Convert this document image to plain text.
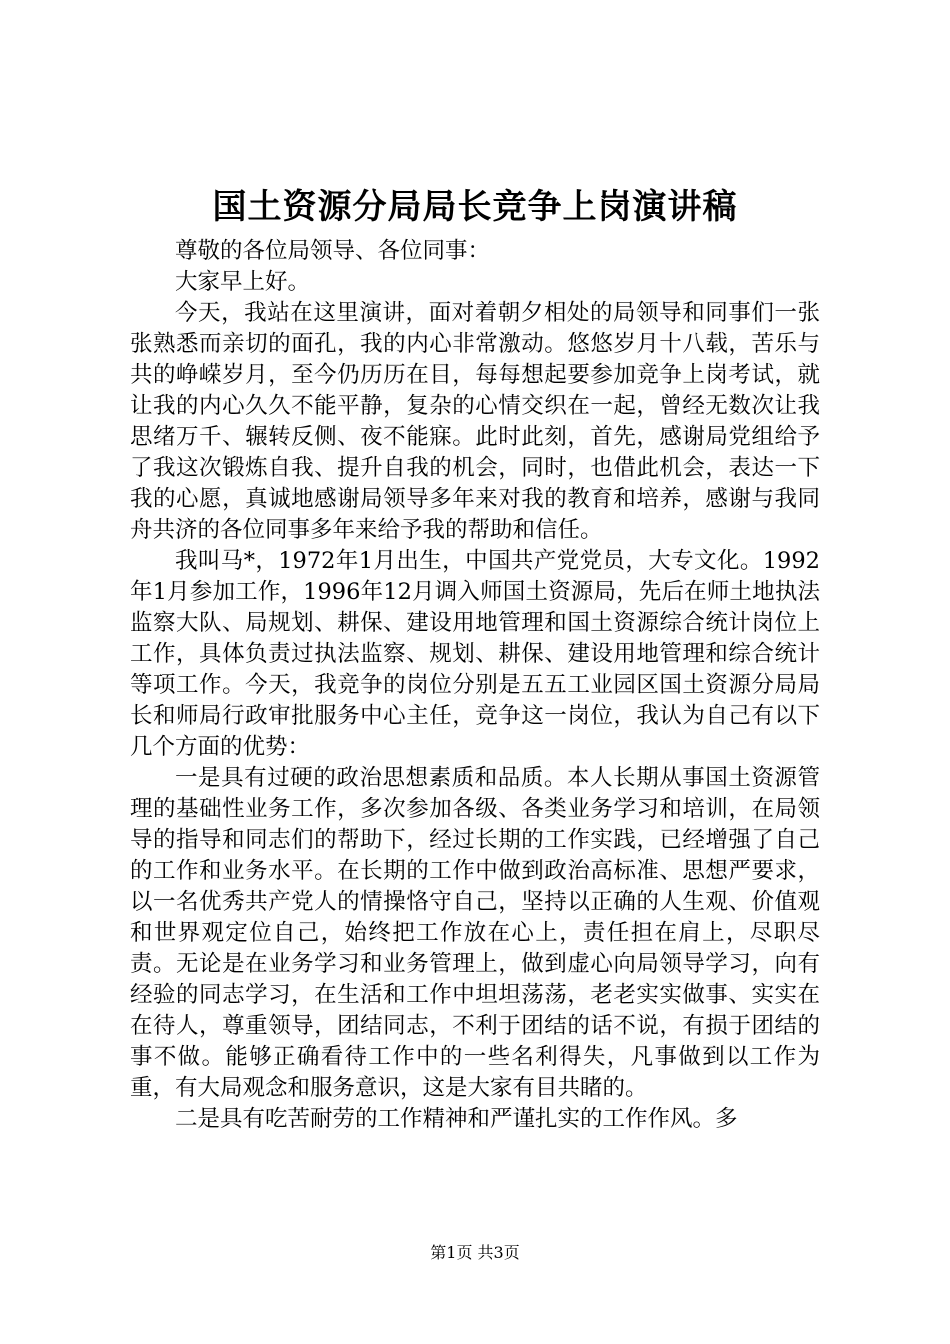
国土资源分局局长竞争上岗演讲稿

尊敬的各位局领导、各位同事：

大家早上好。

今天，我站在这里演讲，面对着朝夕相处的局领导和同事们一张张熟悉而亲切的面孔，我的内心非常激动。悠悠岁月十八载，苦乐与共的峥嵘岁月，至今仍历历在目，每每想起要参加竞争上岗考试，就让我的内心久久不能平静，复杂的心情交织在一起，曾经无数次让我思绪万千、辗转反侧、夜不能寐。此时此刻，首先，感谢局党组给予了我这次锻炼自我、提升自我的机会，同时，也借此机会，表达一下我的心愿，真诚地感谢局领导多年来对我的教育和培养，感谢与我同舟共济的各位同事多年来给予我的帮助和信任。

我叫马*，1972年1月出生，中国共产党党员，大专文化。1992年1月参加工作，1996年12月调入师国土资源局，先后在师土地执法监察大队、局规划、耕保、建设用地管理和国土资源综合统计岗位上工作，具体负责过执法监察、规划、耕保、建设用地管理和综合统计等项工作。今天，我竞争的岗位分别是五五工业园区国土资源分局局长和师局行政审批服务中心主任，竞争这一岗位，我认为自己有以下几个方面的优势：

一是具有过硬的政治思想素质和品质。本人长期从事国土资源管理的基础性业务工作，多次参加各级、各类业务学习和培训，在局领导的指导和同志们的帮助下，经过长期的工作实践，已经增强了自己的工作和业务水平。在长期的工作中做到政治高标准、思想严要求，以一名优秀共产党人的情操恪守自己，坚持以正确的人生观、价值观和世界观定位自己，始终把工作放在心上，责任担在肩上，尽职尽责。无论是在业务学习和业务管理上，做到虚心向局领导学习，向有经验的同志学习，在生活和工作中坦坦荡荡，老老实实做事、实实在在待人，尊重领导，团结同志，不利于团结的话不说，有损于团结的事不做。能够正确看待工作中的一些名利得失，凡事做到以工作为重，有大局观念和服务意识，这是大家有目共睹的。

二是具有吃苦耐劳的工作精神和严谨扎实的工作作风。多

第1页 共3页
